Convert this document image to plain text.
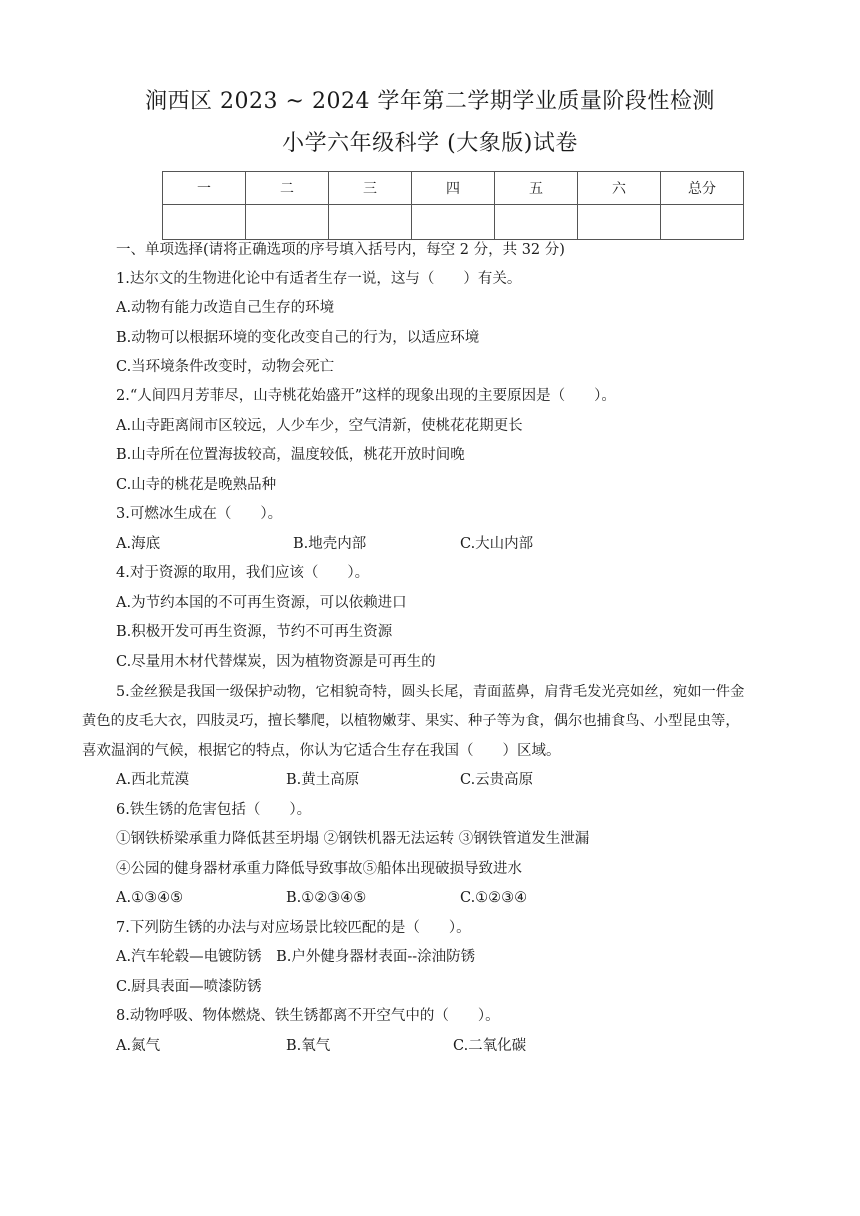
涧西区 2023 ~ 2024 学年第二学期学业质量阶段性检测
小学六年级科学 (大象版)试卷
一	二	三	四	五	六	总分

一、单项选择(请将正确选项的序号填入括号内，每空 2 分，共 32 分)
1.达尔文的生物进化论中有适者生存一说，这与（　　）有关。
A.动物有能力改造自己生存的环境
B.动物可以根据环境的变化改变自己的行为，以适应环境
C.当环境条件改变时，动物会死亡
2.“人间四月芳菲尽，山寺桃花始盛开”这样的现象出现的主要原因是（　　）。
A.山寺距离闹市区较远，人少车少，空气清新，使桃花花期更长
B.山寺所在位置海拔较高，温度较低，桃花开放时间晚
C.山寺的桃花是晚熟品种
3.可燃冰生成在（　　）。
A.海底	B.地壳内部	C.大山内部
4.对于资源的取用，我们应该（　　）。
A.为节约本国的不可再生资源，可以依赖进口
B.积极开发可再生资源，节约不可再生资源
C.尽量用木材代替煤炭，因为植物资源是可再生的
5.金丝猴是我国一级保护动物，它相貌奇特，圆头长尾，青面蓝鼻，肩背毛发光亮如丝，宛如一件金
黄色的皮毛大衣，四肢灵巧，擅长攀爬，以植物嫩芽、果实、种子等为食，偶尔也捕食鸟、小型昆虫等，
喜欢温润的气候，根据它的特点，你认为它适合生存在我国（　　）区域。
A.西北荒漠	B.黄土高原	C.云贵高原
6.铁生锈的危害包括（　　）。
①钢铁桥梁承重力降低甚至坍塌 ②钢铁机器无法运转 ③钢铁管道发生泄漏
④公园的健身器材承重力降低导致事故⑤船体出现破损导致进水
A.①③④⑤	B.①②③④⑤	C.①②③④
7.下列防生锈的办法与对应场景比较匹配的是（　　）。
A.汽车轮毂—电镀防锈　B.户外健身器材表面--涂油防锈
C.厨具表面—喷漆防锈
8.动物呼吸、物体燃烧、铁生锈都离不开空气中的（　　）。
A.氮气	B.氧气	C.二氧化碳
